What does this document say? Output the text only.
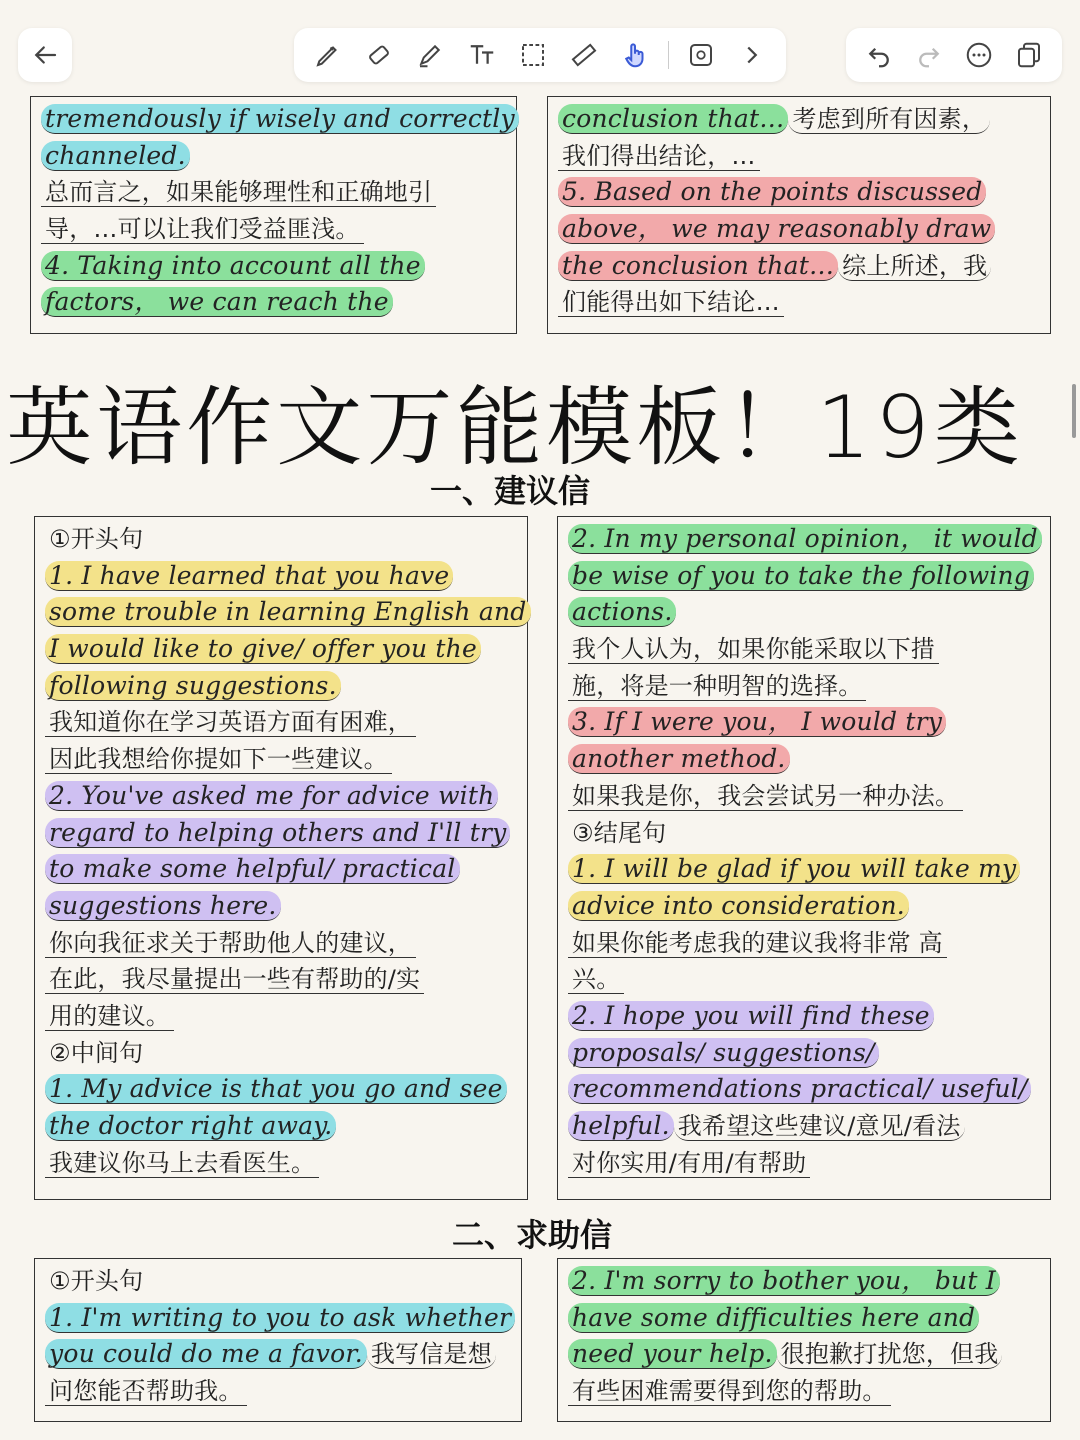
tremendously if wisely and correctly
channeled.
总而言之，如果能够理性和正确地引
导，…可以让我们受益匪浅。
4. Taking into account all the
factors， we can reach the
conclusion that… 考虑到所有因素，
我们得出结论，…
5. Based on the points discussed
above， we may reasonably draw
the conclusion that… 综上所述，我
们能得出如下结论…
英语作文万能模板！19类
一、建议信
①开头句
1. I have learned that you have
some trouble in learning English and
I would like to give/ offer you the
following suggestions.
我知道你在学习英语方面有困难，
因此我想给你提如下一些建议。
2. You've asked me for advice with
regard to helping others and I'll try
to make some helpful/ practical
suggestions here.
你向我征求关于帮助他人的建议，
在此，我尽量提出一些有帮助的/实
用的建议。
②中间句
1. My advice is that you go and see
the doctor right away.
我建议你马上去看医生。
2. In my personal opinion， it would
be wise of you to take the following
actions.
我个人认为，如果你能采取以下措
施，将是一种明智的选择。
3. If I were you， I would try
another method.
如果我是你，我会尝试另一种办法。
③结尾句
1. I will be glad if you will take my
advice into consideration.
如果你能考虑我的建议我将非常 高
兴。
2. I hope you will find these
proposals/ suggestions/
recommendations practical/ useful/
helpful. 我希望这些建议/意见/看法
对你实用/有用/有帮助
二、求助信
①开头句
1. I'm writing to you to ask whether
you could do me a favor. 我写信是想
问您能否帮助我。
2. I'm sorry to bother you， but I
have some difficulties here and
need your help. 很抱歉打扰您，但我
有些困难需要得到您的帮助。
